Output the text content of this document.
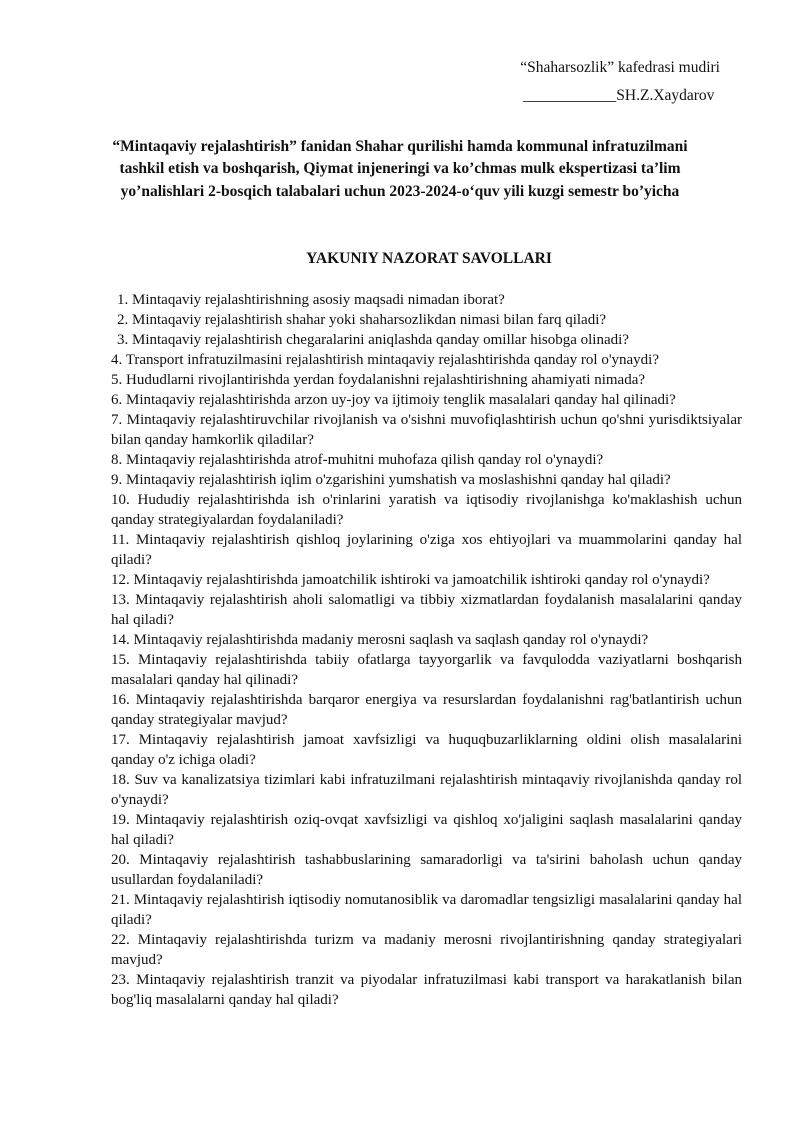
“Shaharsozlik” kafedrasi mudiri
____________SH.Z.Xaydarov
“Mintaqaviy rejalashtirish” fanidan Shahar qurilishi hamda kommunal infratuzilmani tashkil etish va boshqarish, Qiymat injeneringi va ko’chmas mulk ekspertizasi ta’lim yo’nalishlari 2-bosqich talabalari uchun 2023-2024-o‘quv yili kuzgi semestr bo’yicha
YAKUNIY NAZORAT SAVOLLARI
1. Mintaqaviy rejalashtirishning asosiy maqsadi nimadan iborat?
2. Mintaqaviy rejalashtirish shahar yoki shaharsozlikdan nimasi bilan farq qiladi?
3. Mintaqaviy rejalashtirish chegaralarini aniqlashda qanday omillar hisobga olinadi?
4. Transport infratuzilmasini rejalashtirish mintaqaviy rejalashtirishda qanday rol o'ynaydi?
5. Hududlarni rivojlantirishda yerdan foydalanishni rejalashtirishning ahamiyati nimada?
6. Mintaqaviy rejalashtirishda arzon uy-joy va ijtimoiy tenglik masalalari qanday hal qilinadi?
7. Mintaqaviy rejalashtiruvchilar rivojlanish va o'sishni muvofiqlashtirish uchun qo'shni yurisdiktsiyalar bilan qanday hamkorlik qiladilar?
8. Mintaqaviy rejalashtirishda atrof-muhitni muhofaza qilish qanday rol o'ynaydi?
9. Mintaqaviy rejalashtirish iqlim o'zgarishini yumshatish va moslashishni qanday hal qiladi?
10. Hududiy rejalashtirishda ish o'rinlarini yaratish va iqtisodiy rivojlanishga ko'maklashish uchun qanday strategiyalardan foydalaniladi?
11. Mintaqaviy rejalashtirish qishloq joylarining o'ziga xos ehtiyojlari va muammolarini qanday hal qiladi?
12. Mintaqaviy rejalashtirishda jamoatchilik ishtiroki va jamoatchilik ishtiroki qanday rol o'ynaydi?
13. Mintaqaviy rejalashtirish aholi salomatligi va tibbiy xizmatlardan foydalanish masalalarini qanday hal qiladi?
14. Mintaqaviy rejalashtirishda madaniy merosni saqlash va saqlash qanday rol o'ynaydi?
15. Mintaqaviy rejalashtirishda tabiiy ofatlarga tayyorgarlik va favqulodda vaziyatlarni boshqarish masalalari qanday hal qilinadi?
16. Mintaqaviy rejalashtirishda barqaror energiya va resurslardan foydalanishni rag'batlantirish uchun qanday strategiyalar mavjud?
17. Mintaqaviy rejalashtirish jamoat xavfsizligi va huquqbuzarliklarning oldini olish masalalarini qanday o'z ichiga oladi?
18. Suv va kanalizatsiya tizimlari kabi infratuzilmani rejalashtirish mintaqaviy rivojlanishda qanday rol o'ynaydi?
19. Mintaqaviy rejalashtirish oziq-ovqat xavfsizligi va qishloq xo'jaligini saqlash masalalarini qanday hal qiladi?
20. Mintaqaviy rejalashtirish tashabbuslarining samaradorligi va ta'sirini baholash uchun qanday usullardan foydalaniladi?
21. Mintaqaviy rejalashtirish iqtisodiy nomutanosiblik va daromadlar tengsizligi masalalarini qanday hal qiladi?
22. Mintaqaviy rejalashtirishda turizm va madaniy merosni rivojlantirishning qanday strategiyalari mavjud?
23. Mintaqaviy rejalashtirish tranzit va piyodalar infratuzilmasi kabi transport va harakatlanish bilan bog'liq masalalarni qanday hal qiladi?
